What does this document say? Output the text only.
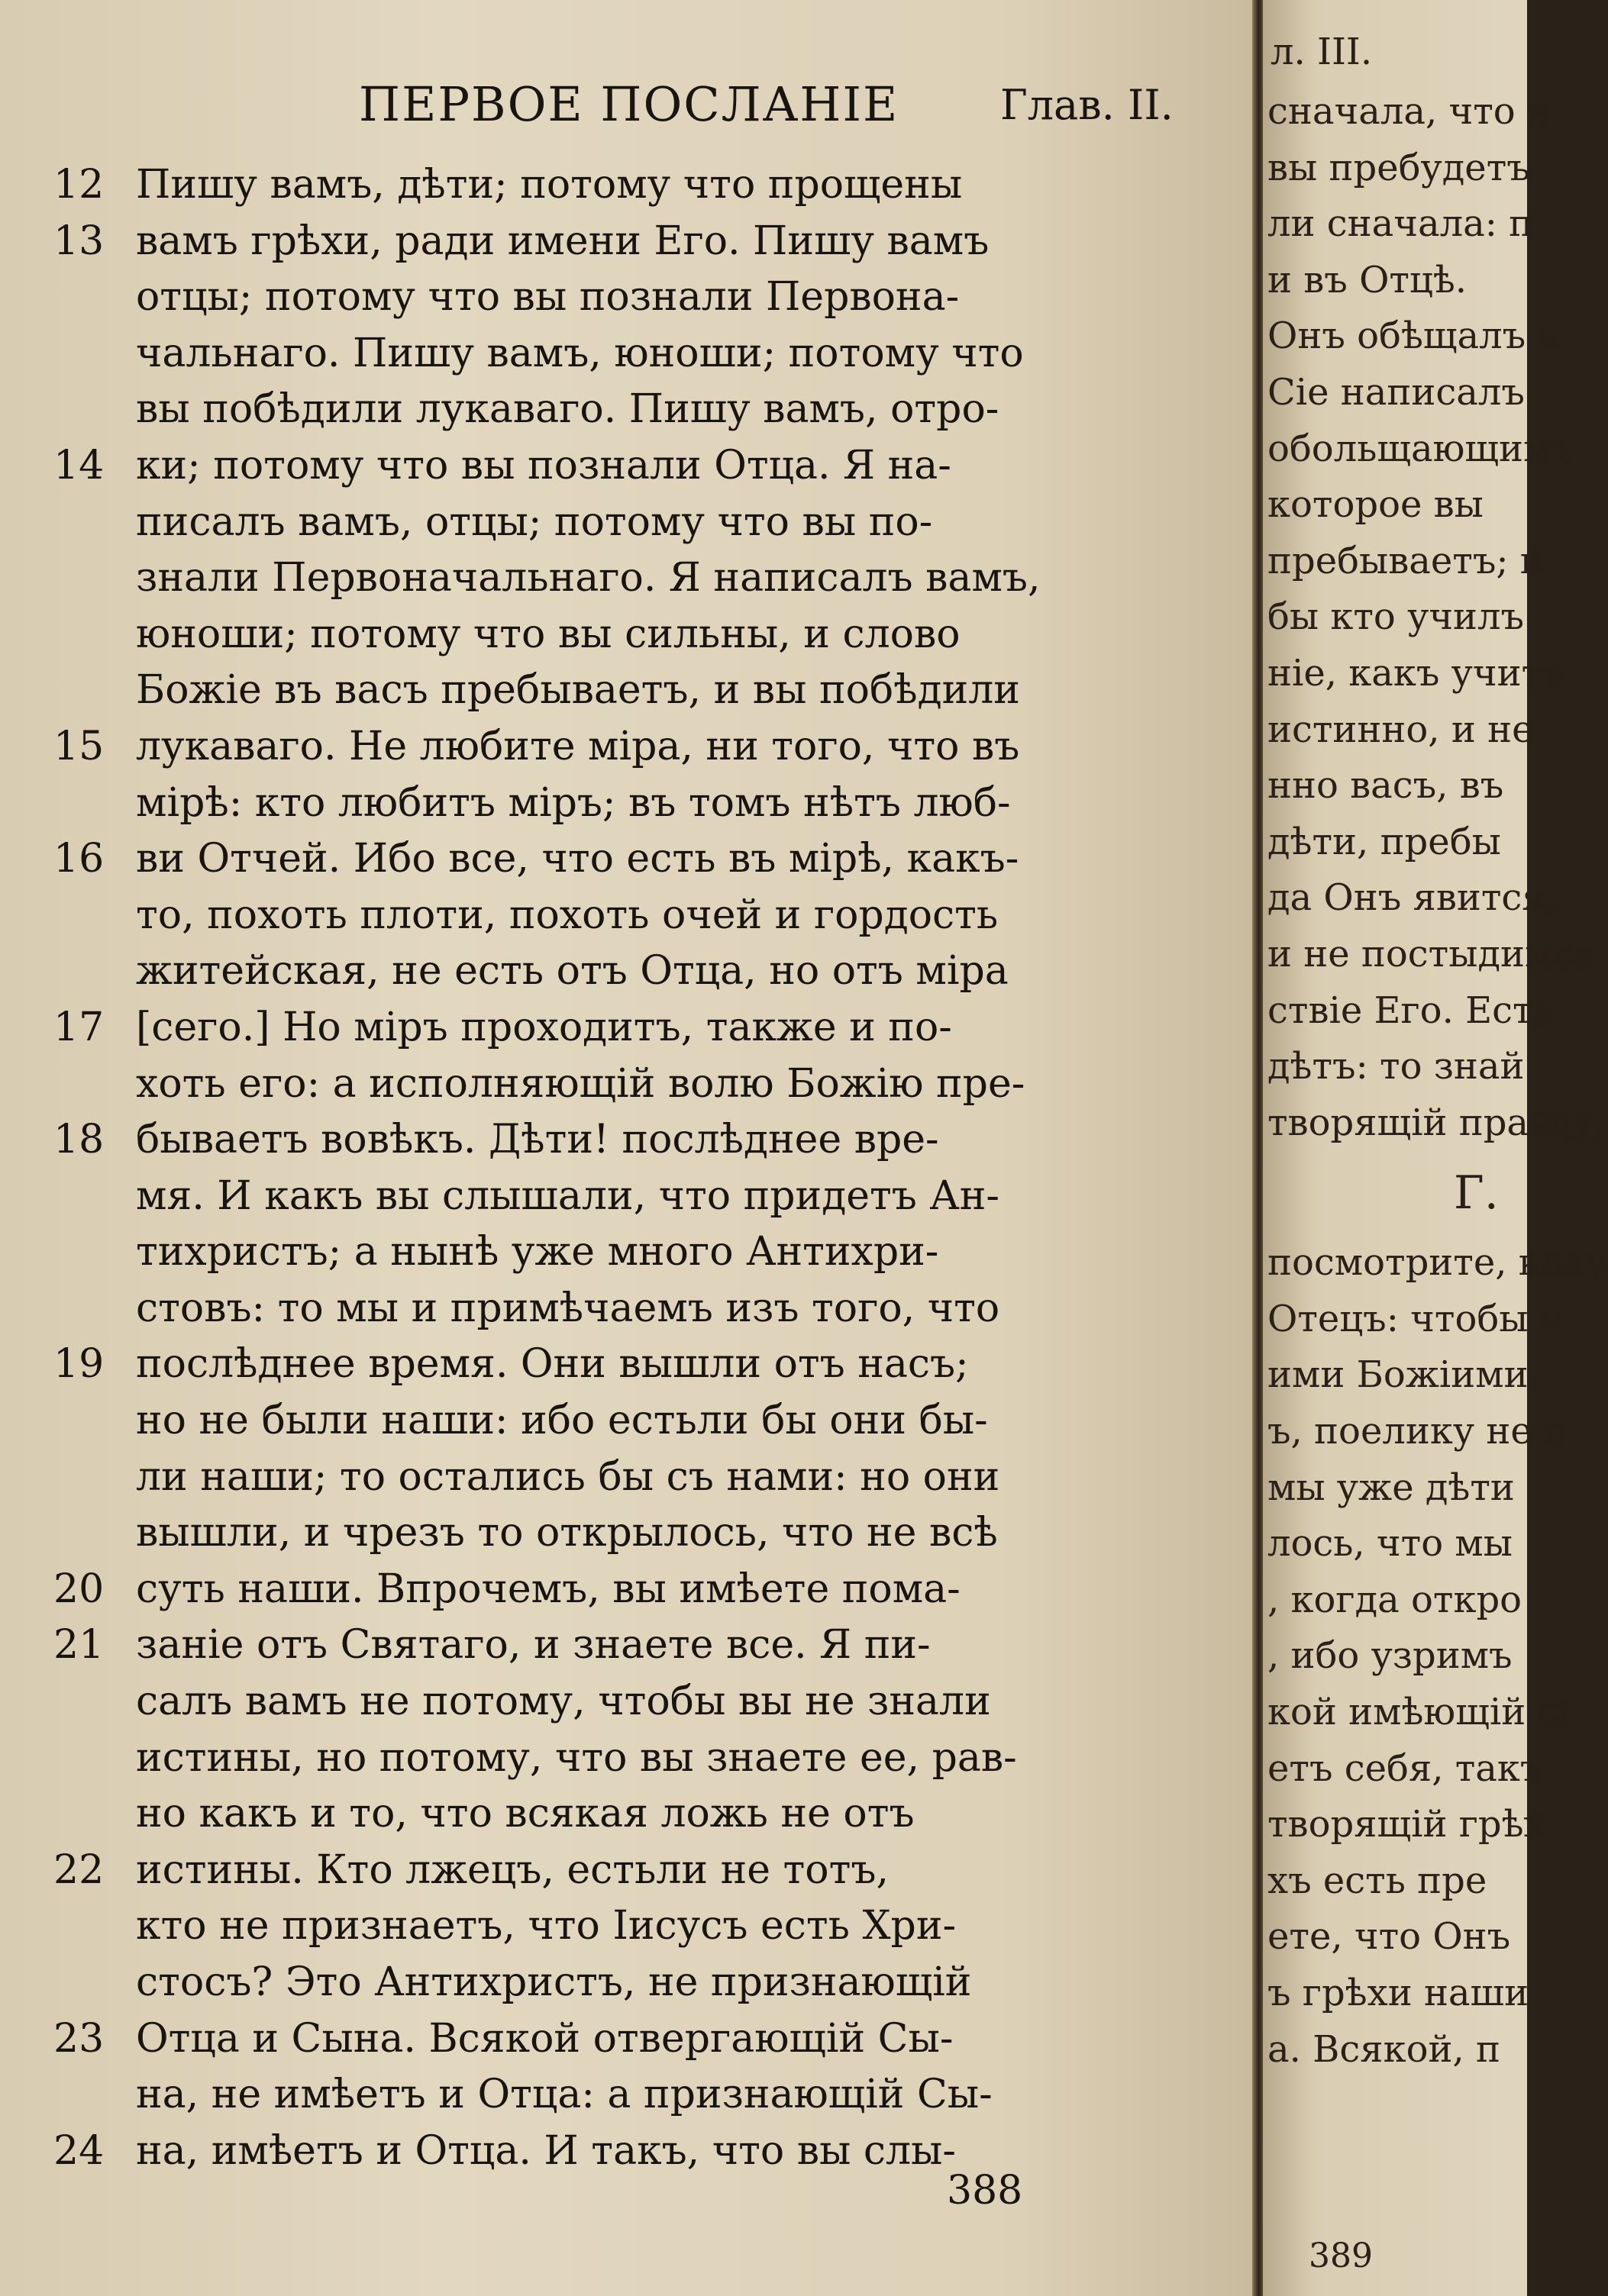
ПЕРВОЕ ПОСЛАНІЕ Глав. II.
12 Пишу вамъ, дѣти; потому что прощены
13 вамъ грѣхи, ради имени Его. Пишу вамъ
отцы; потому что вы познали Первона-
чальнаго. Пишу вамъ, юноши; потому что
вы побѣдили лукаваго. Пишу вамъ, отро-
14 ки; потому что вы познали Отца. Я на-
писалъ вамъ, отцы; потому что вы по-
знали Первоначальнаго. Я написалъ вамъ,
юноши; потому что вы сильны, и слово
Божіе въ васъ пребываетъ, и вы побѣдили
15 лукаваго. Не любите міра, ни того, что въ
мірѣ: кто любитъ міръ; въ томъ нѣтъ люб-
16 ви Отчей. Ибо все, что есть въ мірѣ, какъ-
то, похоть плоти, похоть очей и гордость
житейская, не есть отъ Отца, но отъ міра
17 [сего.] Но міръ проходитъ, также и по-
хоть его: а исполняющій волю Божію пре-
18 бываетъ вовѣкъ. Дѣти! послѣднее вре-
мя. И какъ вы слышали, что придетъ Ан-
тихристъ; а нынѣ уже много Антихри-
стовъ: то мы и примѣчаемъ изъ того, что
19 послѣднее время. Они вышли отъ насъ;
но не были наши: ибо естьли бы они бы-
ли наши; то остались бы съ нами: но они
вышли, и чрезъ то открылось, что не всѣ
20 суть наши. Впрочемъ, вы имѣете пома-
21 заніе отъ Святаго, и знаете все. Я пи-
салъ вамъ не потому, чтобы вы не знали
истины, но потому, что вы знаете ее, рав-
но какъ и то, что всякая ложь не отъ
22 истины. Кто лжецъ, естьли не тотъ,
кто не признаетъ, что Іисусъ есть Хри-
стосъ? Это Антихристъ, не признающій
23 Отца и Сына. Всякой отвергающій Сы-
на, не имѣетъ и Отца: а признающій Сы-
24 на, имѣетъ и Отца. И такъ, что вы слы-
388
л. III.
сначала, что и
вы пребудетъ
ли сначала: п
и въ Отцѣ.
Онъ обѣщалъ н
Сіе написалъ
обольщающимъ
которое вы
пребываетъ; и
бы кто училъ
ніе, какъ учитъ
истинно, и не
нно васъ, въ
дѣти, пребы
да Онъ явится,
и не постыдимся
ствіе Его. Есть
дѣтъ: то знай
творящій правду,
Г.
посмотрите, каку
Отецъ: чтобы н
ими Божіими.
ъ, поелику не п
мы уже дѣти
лось, что мы
, когда откро
, ибо узримъ
кой имѣющій сі
етъ себя, такъ
творящій грѣх
хъ есть пре
ете, что Онъ
ъ грѣхи наши
а. Всякой, п
389
